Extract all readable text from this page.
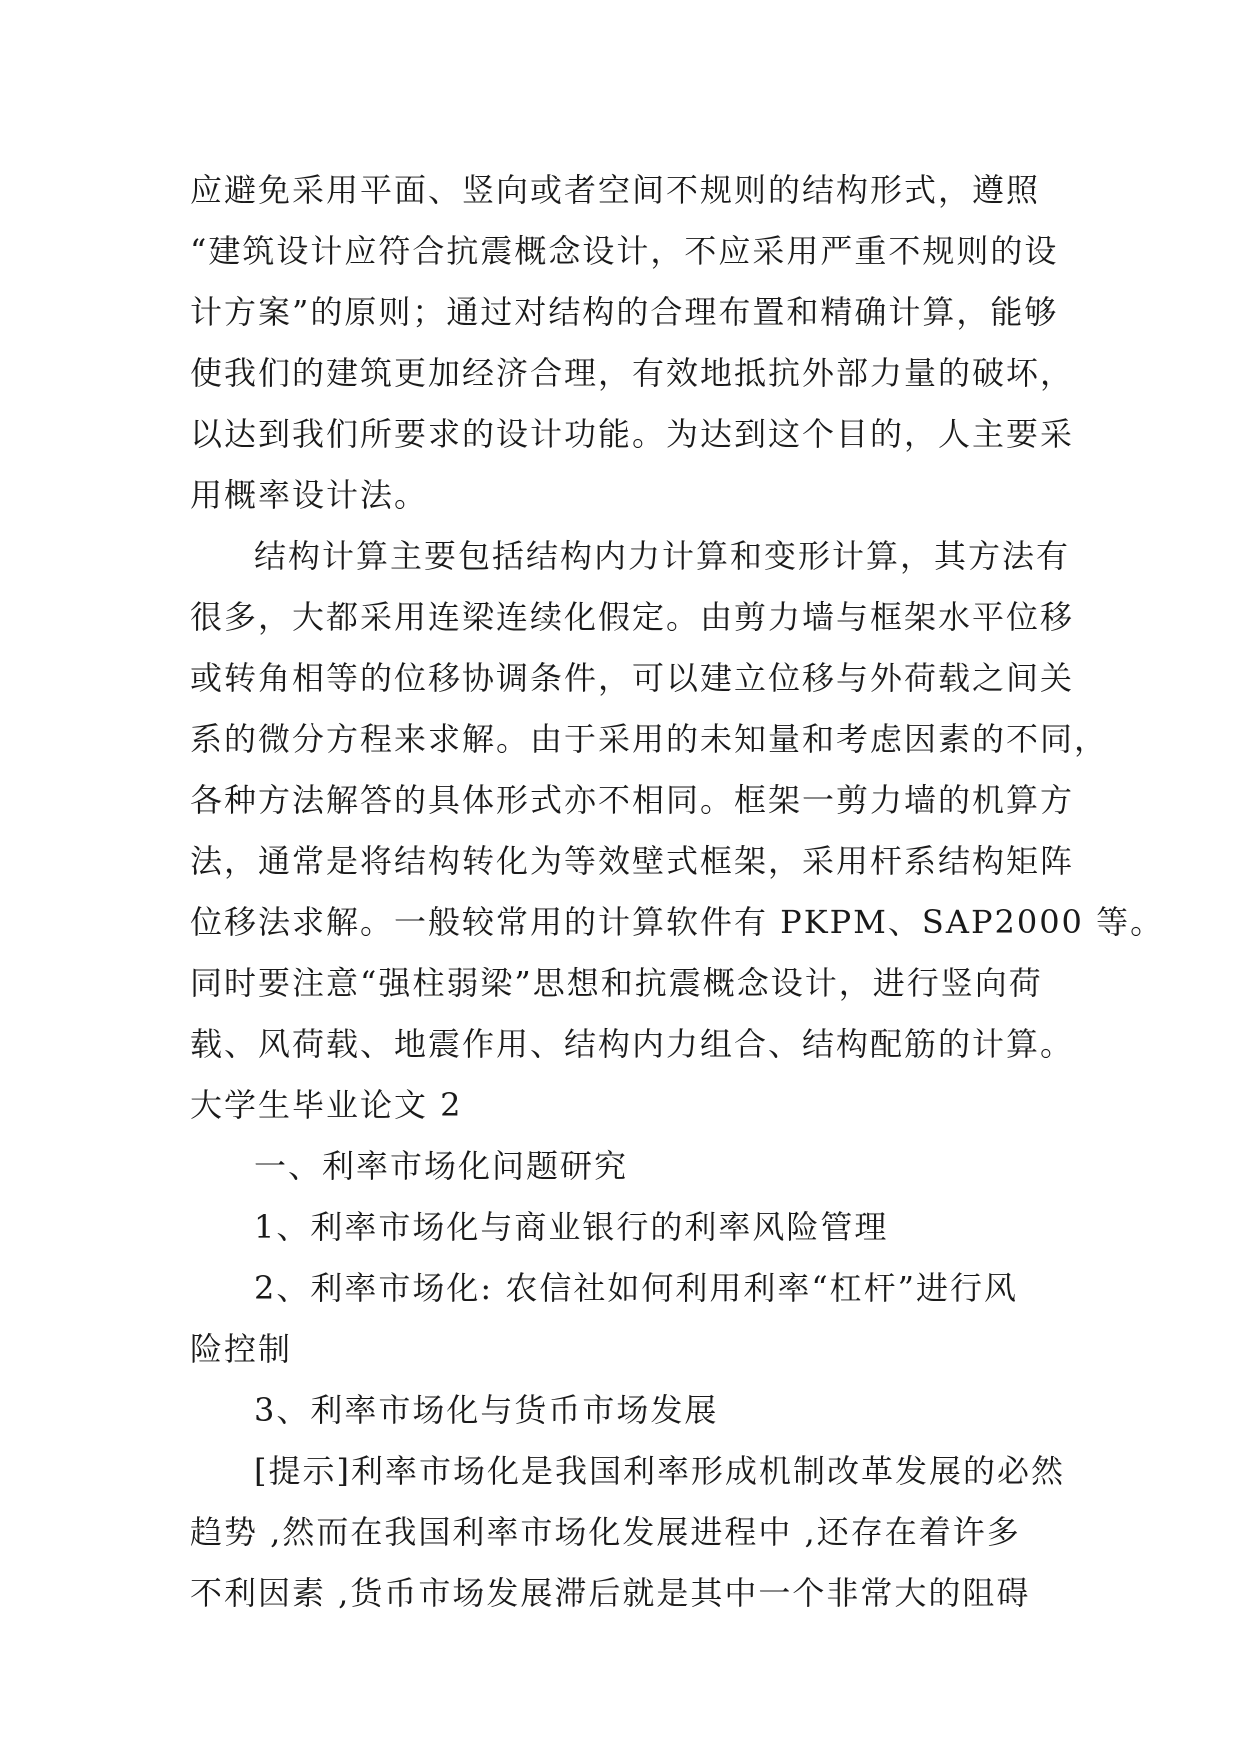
应避免采用平面、竖向或者空间不规则的结构形式，遵照
“建筑设计应符合抗震概念设计，不应采用严重不规则的设
计方案”的原则；通过对结构的合理布置和精确计算，能够
使我们的建筑更加经济合理，有效地抵抗外部力量的破坏，
以达到我们所要求的设计功能。为达到这个目的，人主要采
用概率设计法。
结构计算主要包括结构内力计算和变形计算，其方法有
很多，大都采用连梁连续化假定。由剪力墙与框架水平位移
或转角相等的位移协调条件，可以建立位移与外荷载之间关
系的微分方程来求解。由于采用的未知量和考虑因素的不同，
各种方法解答的具体形式亦不相同。框架一剪力墙的机算方
法，通常是将结构转化为等效壁式框架，采用杆系结构矩阵
位移法求解。一般较常用的计算软件有 PKPM、SAP2000 等。
同时要注意“强柱弱梁”思想和抗震概念设计，进行竖向荷
载、风荷载、地震作用、结构内力组合、结构配筋的计算。
大学生毕业论文 2
一、利率市场化问题研究
1、利率市场化与商业银行的利率风险管理
2、利率市场化: 农信社如何利用利率“杠杆”进行风
险控制
3、利率市场化与货币市场发展
[提示]利率市场化是我国利率形成机制改革发展的必然
趋势 ,然而在我国利率市场化发展进程中 ,还存在着许多
不利因素 ,货币市场发展滞后就是其中一个非常大的阻碍
